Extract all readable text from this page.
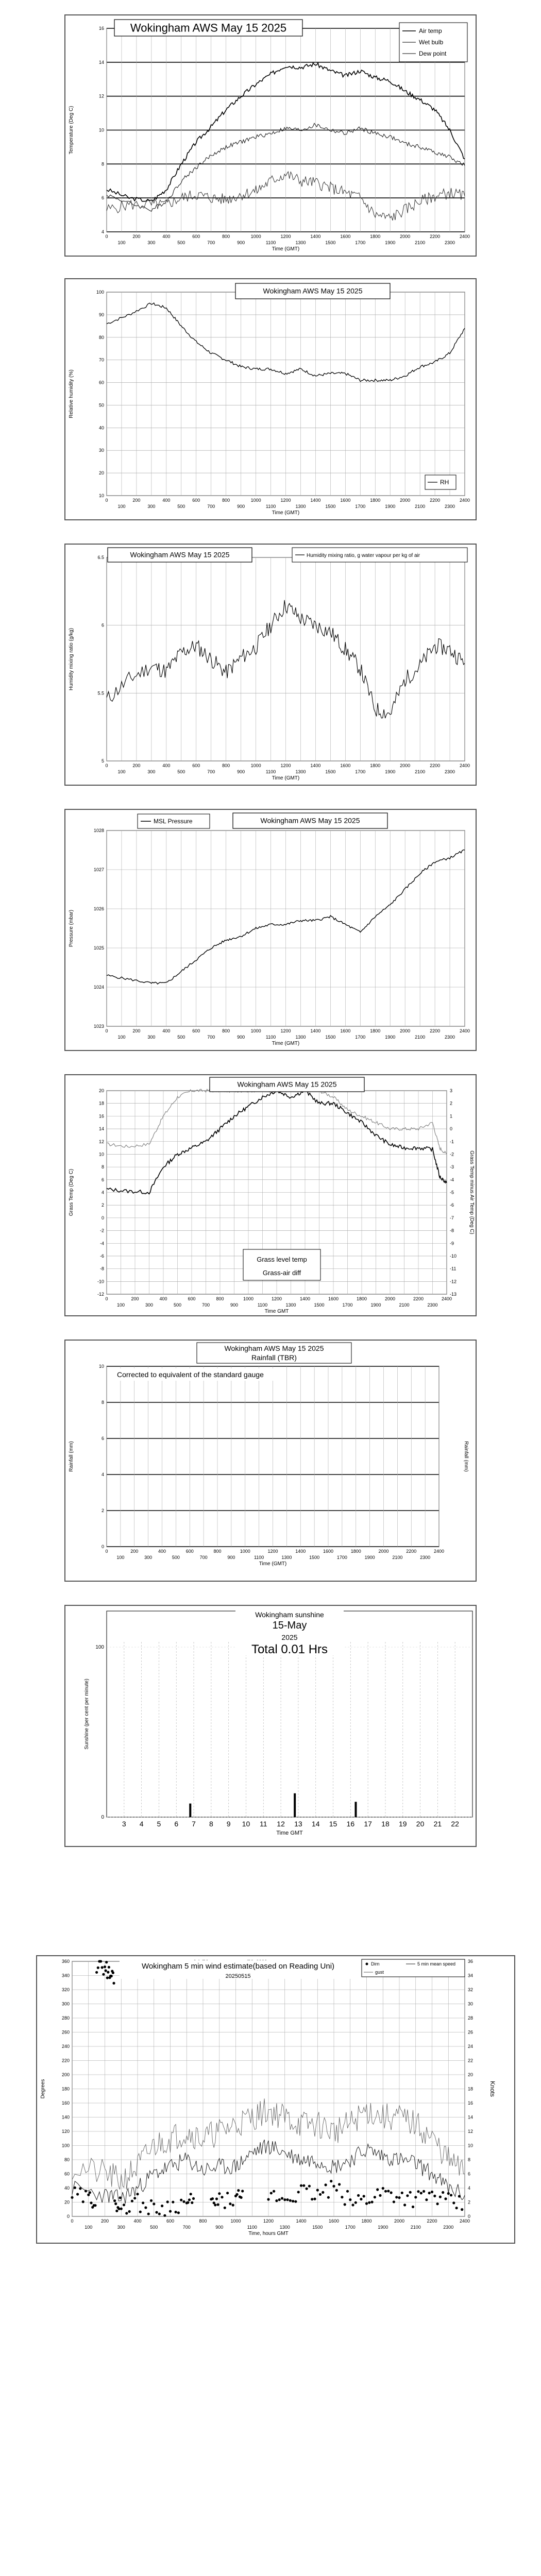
4
6
8
10
12
14
16
0
100
200
300
400
500
600
700
800
900
1000
1100
1200
1300
1400
1500
1600
1700
1800
1900
2000
2100
2200
2300
2400
Time (GMT)
Temperature (Deg C)
Wokingham AWS May 15 2025	Air temp
Wet bulb
Dew point
10
20
30
40
50
60
70
80
90
100
0
100
200
300
400
500
600
700
800
900
1000
1100
1200
1300
1400
1500
1600
1700
1800
1900
2000
2100
2200
2300
2400
Time (GMT)
Relative humidity (%)
Wokingham AWS May 15 2025
RH
5
5.5
6
6.5
0
100
200
300
400
500
600
700
800
900
1000
1100
1200
1300
1400
1500
1600
1700
1800
1900
2000
2100
2200
2300
2400
Time (GMT)
Humidity mixing ratio (g/kg)
Wokingham AWS May 15 2025	Humidity mixing ratio, g water vapour per kg of air
1023
1024
1025
1026
1027
1028
0
100
200
300
400
500
600
700
800
900
1000
1100
1200
1300
1400
1500
1600
1700
1800
1900
2000
2100
2200
2300
2400
Time (GMT)
Pressure (mbar)
MSL Pressure	Wokingham AWS May 15 2025
-12
-10
-8
-6
-4
-2
0
2
4
6
8
10
12
14
16
18
20
0
100
200
300
400
500
600
700
800
900
1000
1100
1200
1300
1400
1500
1600
1700
1800
1900
2000
2100
2200
2300
2400
Time GMT
Grass Temp (Deg C)
-13
-12
-11
-10
-9
-8
-7
-6
-5
-4
-3
-2
-1
0
1
2
3
Grass Temp minus Air Temp (Deg C)
Wokingham AWS May 15 2025
Grass level temp
Grass-air diff
0
2
4
6
8
10
0
100
200
300
400
500
600
700
800
900
1000
1100
1200
1300
1400
1500
1600
1700
1800
1900
2000
2100
2200
2300
2400
Time (GMT)
Rainfall (mm)	Rainfall (mm)
Wokingham AWS May 15 2025
Rainfall (TBR)
Corrected to equivalent of the standard gauge
3 4 5 6 7 8 9 10 11 12 13 14 15 16 17 18 19 20 21 22
0
100
Time GMT
Sunshine (per cent per minute)
Wokingham sunshine
15-May
2025
Total 0.01 Hrs
0
20
40
60
80
100
120
140
160
180
200
220
240
260
280
300
320
340
360
0
100
200
300
400
500
600
700
800
900
1000
1100
1200
1300
1400
1500
1600
1700
1800
1900
2000
2100
2200
2300
2400
Time, hours GMT
Degrees
0
2
4
6
8
10
12
14
16
18
20
22
24
26
28
30
32
34
36
Knots
Wokingham 5 min wind estimate(based on Reading Uni)
20250515
Dirn	5 min mean speed
gust
